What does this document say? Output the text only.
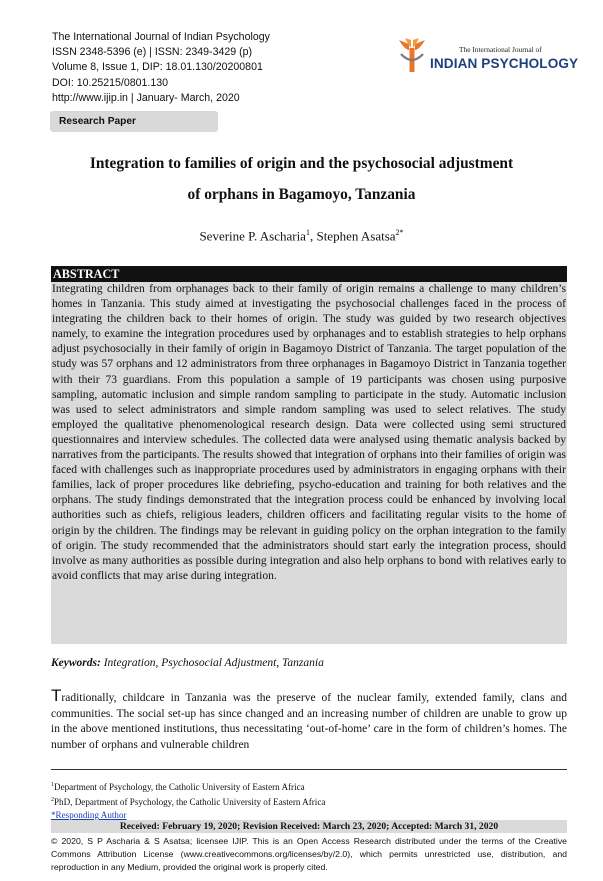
The International Journal of Indian Psychology
ISSN 2348-5396 (e) | ISSN: 2349-3429 (p)
Volume 8, Issue 1, DIP: 18.01.130/20200801
DOI: 10.25215/0801.130
http://www.ijip.in | January- March, 2020
Research Paper
The International Journal of
INDIAN PSYCHOLOGY
Integration to families of origin and the psychosocial adjustment
of orphans in Bagamoyo, Tanzania
Severine P. Ascharia$^1$, Stephen Asatsa$^{2*}$
ABSTRACT

Integrating children from orphanages back to their family of origin remains a challenge to many children’s homes in Tanzania. This study aimed at investigating the psychosocial challenges faced in the process of integrating the children back to their homes of origin. The study was guided by two research objectives namely, to examine the integration procedures used by orphanages and to establish strategies to help orphans adjust psychosocially in their family of origin in Bagamoyo District of Tanzania. The target population of the study was 57 orphans and 12 administrators from three orphanages in Bagamoyo District in Tanzania together with their 73 guardians. From this population a sample of 19 participants was chosen using purposive sampling, automatic inclusion and simple random sampling to participate in the study. Automatic inclusion was used to select administrators and simple random sampling was used to select relatives. The study employed the qualitative phenomenological research design. Data were collected using semi structured questionnaires and interview schedules. The collected data were analysed using thematic analysis backed by narratives from the participants. The results showed that integration of orphans into their families of origin was faced with challenges such as inappropriate procedures used by administrators in engaging orphans with their families, lack of proper procedures like debriefing, psycho-education and training for both relatives and the orphans. The study findings demonstrated that the integration process could be enhanced by involving local authorities such as chiefs, religious leaders, children officers and facilitating regular visits to the home of origin by the children. The findings may be relevant in guiding policy on the orphan integration to the family of origin. The study recommended that the administrators should start early the integration process, should involve as many authorities as possible during integration and also help orphans to bond with relatives early to avoid conflicts that may arise during integration.

Keywords: Integration, Psychosocial Adjustment, Tanzania

Traditionally, childcare in Tanzania was the preserve of the nuclear family, extended family, clans and communities. The social set-up has since changed and an increasing number of children are unable to grow up in the above mentioned institutions, thus necessitating ‘out-of-home’ care in the form of children’s homes. The number of orphans and vulnerable children

$^1$Department of Psychology, the Catholic University of Eastern Africa
$^2$PhD, Department of Psychology, the Catholic University of Eastern Africa
*Responding Author
Received: February 19, 2020; Revision Received: March 23, 2020; Accepted: March 31, 2020
© 2020, S P Ascharia & S Asatsa; licensee IJIP. This is an Open Access Research distributed under the terms of the Creative Commons Attribution License (www.creativecommons.org/licenses/by/2.0), which permits unrestricted use, distribution, and reproduction in any Medium, provided the original work is properly cited.
